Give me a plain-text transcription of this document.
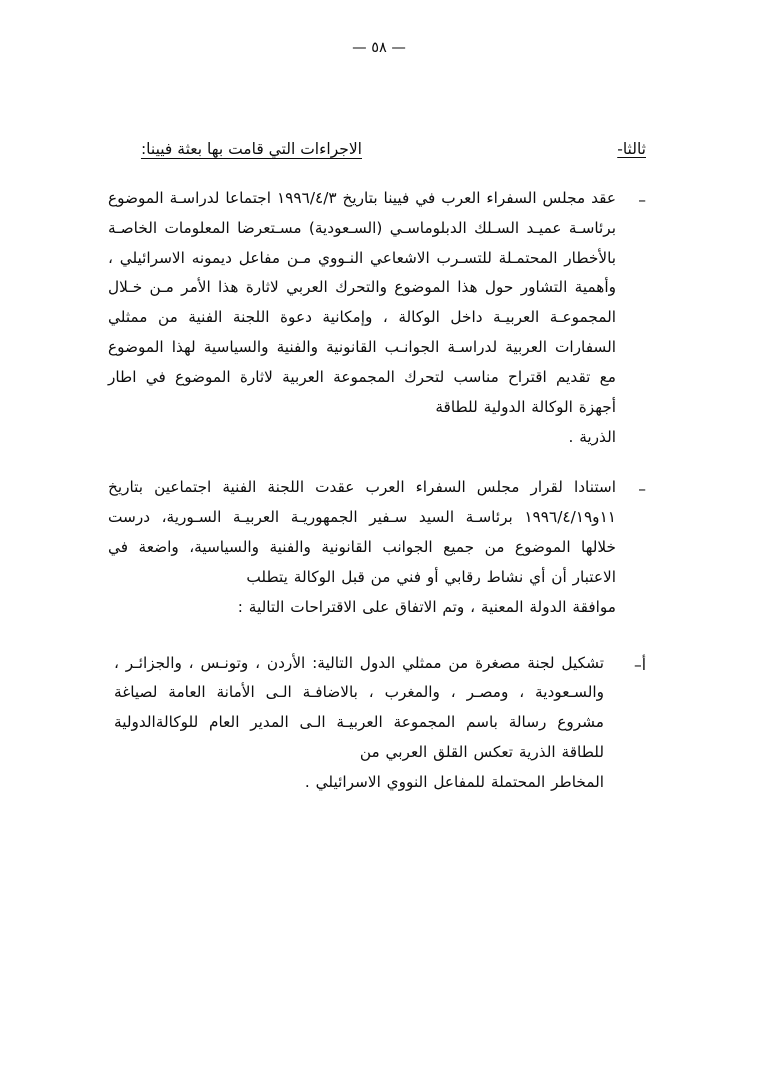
— ٥٨ —
ثالثا-
الاجراءات التي قامت بها بعثة فيينا:
–
عقد مجلس السفراء العرب في فيينا بتاريخ ١٩٩٦/٤/٣ اجتماعا لدراسـة الموضوع برئاسـة عميـد السـلك الدبلوماسـي (السـعودية) مسـتعرضا المعلومات الخاصـة بالأخطار المحتمـلة للتسـرب الاشعاعي النـووي مـن مفاعل ديمونه الاسرائيلي ، وأهمية التشاور حول هذا الموضوع والتحرك العربي لاثارة هذا الأمر مـن خـلال المجموعـة العربيـة داخل الوكالة ، وإمكانية دعوة اللجنة الفنية من ممثلي السفارات العربية لدراسـة الجوانـب القانونية والفنية والسياسية لهذا الموضوع مع تقديم اقتراح مناسب لتحرك المجموعة العربية لاثارة الموضوع في اطار أجهزة الوكالة الدولية للطاقة
الذرية .
–
استنادا لقرار مجلس السفراء العرب عقدت اللجنة الفنية اجتماعين بتاريخ ١١و١٩٩٦/٤/١٩ برئاسـة السيد سـفير الجمهوريـة العربيـة السـورية، درست خلالها الموضوع من جميع الجوانب القانونية والفنية والسياسية، واضعة في الاعتبار أن أي نشاط رقابي أو فني من قبل الوكالة يتطلب
موافقة الدولة المعنية ، وتم الاتفاق على الاقتراحات التالية :
أ–
تشكيل لجنة مصغرة من ممثلي الدول التالية: الأردن ، وتونـس ، والجزائـر ، والسـعودية ، ومصـر ، والمغرب ، بالاضافـة الـى الأمانة العامة لصياغة مشروع رسالة باسم المجموعة العربيـة الـى المدير العام للوكالةالدولية للطاقة الذرية تعكس القلق العربي من
المخاطر المحتملة للمفاعل النووي الاسرائيلي .
